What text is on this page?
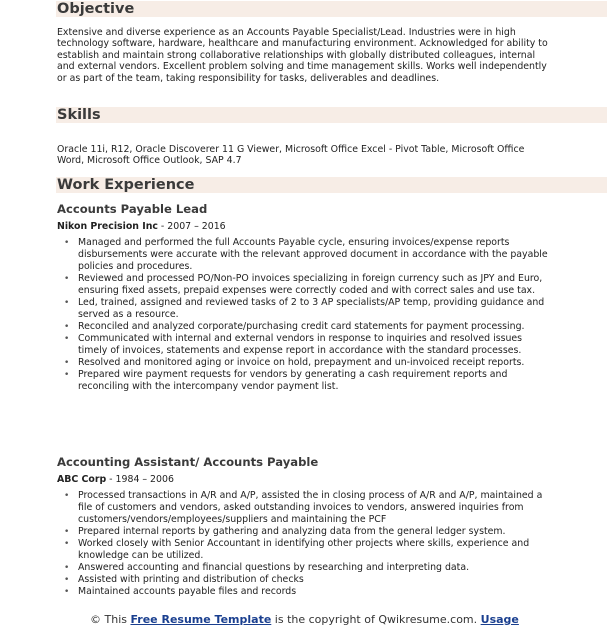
Objective
Extensive and diverse experience as an Accounts Payable Specialist/Lead. Industries were in high technology software, hardware, healthcare and manufacturing environment. Acknowledged for ability to establish and maintain strong collaborative relationships with globally distributed colleagues, internal and external vendors. Excellent problem solving and time management skills. Works well independently or as part of the team, taking responsibility for tasks, deliverables and deadlines.
Skills
Oracle 11i, R12, Oracle Discoverer 11 G Viewer, Microsoft Office Excel - Pivot Table, Microsoft Office Word, Microsoft Office Outlook, SAP 4.7
Work Experience
Accounts Payable Lead
Nikon Precision Inc - 2007 – 2016
• Managed and performed the full Accounts Payable cycle, ensuring invoices/expense reports disbursements were accurate with the relevant approved document in accordance with the payable policies and procedures.
• Reviewed and processed PO/Non-PO invoices specializing in foreign currency such as JPY and Euro, ensuring fixed assets, prepaid expenses were correctly coded and with correct sales and use tax.
• Led, trained, assigned and reviewed tasks of 2 to 3 AP specialists/AP temp, providing guidance and served as a resource.
• Reconciled and analyzed corporate/purchasing credit card statements for payment processing.
• Communicated with internal and external vendors in response to inquiries and resolved issues timely of invoices, statements and expense report in accordance with the standard processes.
• Resolved and monitored aging or invoice on hold, prepayment and un-invoiced receipt reports.
• Prepared wire payment requests for vendors by generating a cash requirement reports and reconciling with the intercompany vendor payment list.
Accounting Assistant/ Accounts Payable
ABC Corp - 1984 – 2006
• Processed transactions in A/R and A/P, assisted the in closing process of A/R and A/P, maintained a file of customers and vendors, asked outstanding invoices to vendors, answered inquiries from customers/vendors/employees/suppliers and maintaining the PCF
• Prepared internal reports by gathering and analyzing data from the general ledger system.
• Worked closely with Senior Accountant in identifying other projects where skills, experience and knowledge can be utilized.
• Answered accounting and financial questions by researching and interpreting data.
• Assisted with printing and distribution of checks
• Maintained accounts payable files and records
© This Free Resume Template is the copyright of Qwikresume.com. Usage
